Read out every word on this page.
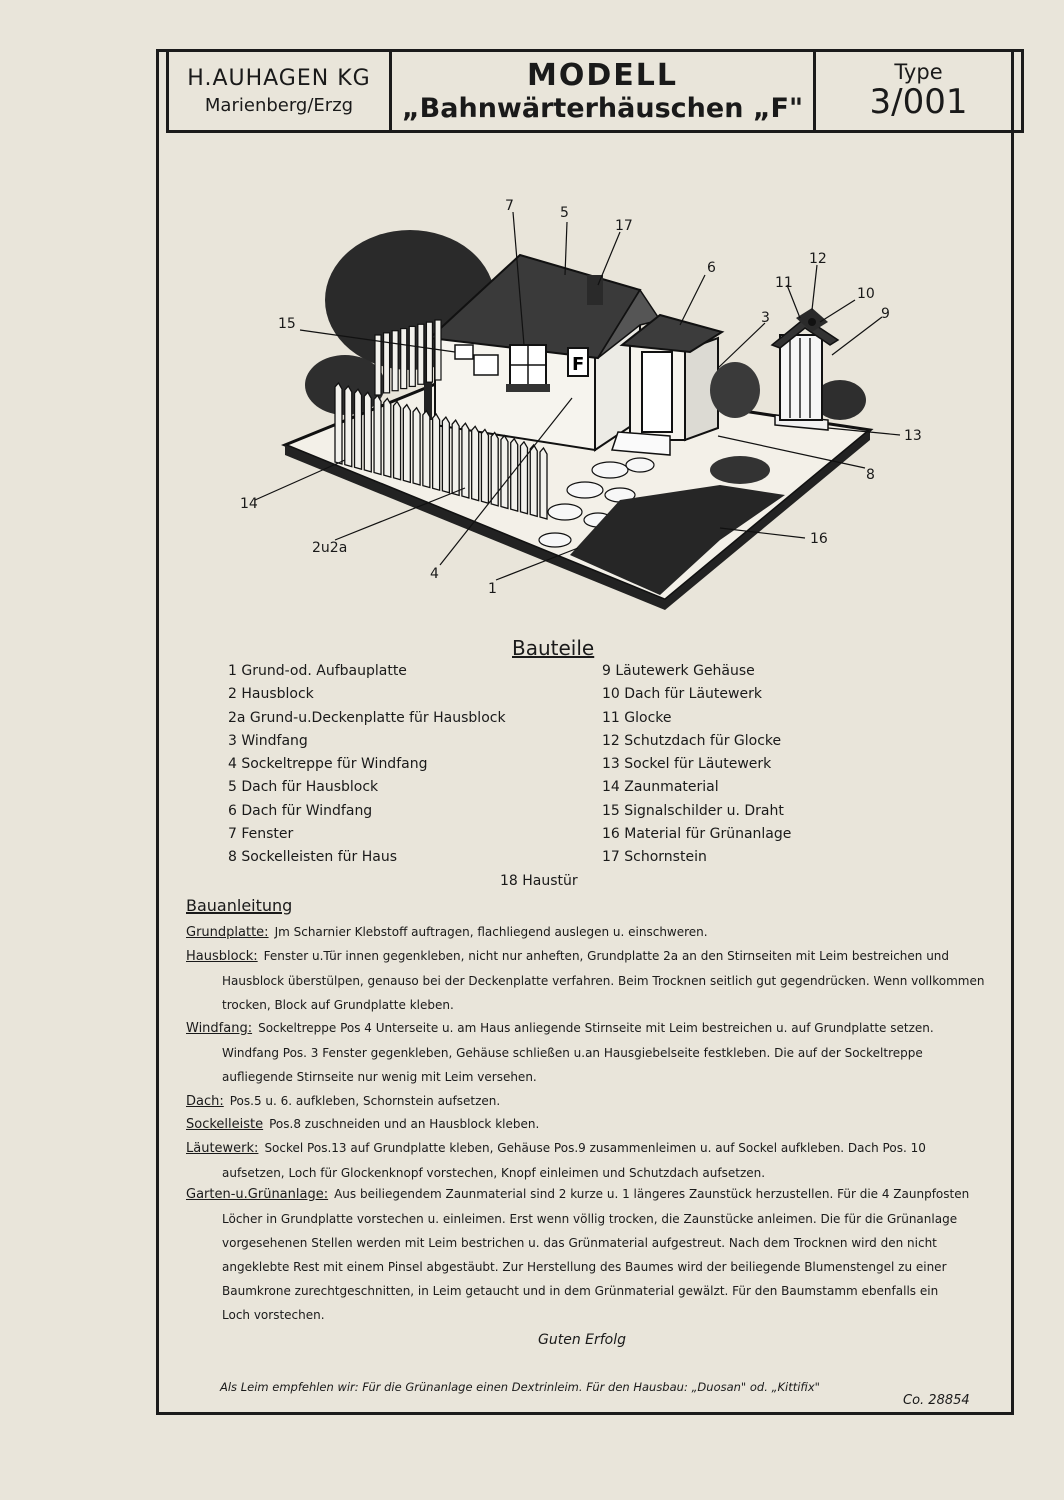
H.AUHAGEN KG
Marienberg/Erzg
MODELL
„Bahnwärterhäuschen „F"
Type
3/001
F
7	5
17
6
12
11
10
9
3
15
13
8
14
16
2u2a
4
1
Bauteile
1 Grund-od. Aufbauplatte
2 Hausblock
2a Grund-u.Deckenplatte für Hausblock
3 Windfang
4 Sockeltreppe für Windfang
5 Dach für Hausblock
6 Dach für Windfang
7 Fenster
8 Sockelleisten für Haus
9 Läutewerk Gehäuse
10 Dach für Läutewerk
11 Glocke
12 Schutzdach für Glocke
13 Sockel für Läutewerk
14 Zaunmaterial
15 Signalschilder u. Draht
16 Material für Grünanlage
17 Schornstein
18 Haustür
Bauanleitung
Grundplatte: Jm Scharnier Klebstoff auftragen, flachliegend auslegen u. einschweren.
Hausblock: Fenster u.Tür innen gegenkleben, nicht nur anheften, Grundplatte 2a an den Stirnseiten mit Leim bestreichen und
Hausblock überstülpen, genauso bei der Deckenplatte verfahren. Beim Trocknen seitlich gut gegendrücken. Wenn vollkommen
trocken, Block auf Grundplatte kleben.
Windfang: Sockeltreppe Pos 4 Unterseite u. am Haus anliegende Stirnseite mit Leim bestreichen u. auf Grundplatte setzen.
Windfang Pos. 3 Fenster gegenkleben, Gehäuse schließen u.an Hausgiebelseite festkleben. Die auf der Sockeltreppe
aufliegende Stirnseite nur wenig mit Leim versehen.
Dach: Pos.5 u. 6. aufkleben, Schornstein aufsetzen.
Sockelleiste Pos.8 zuschneiden und an Hausblock kleben.
Läutewerk: Sockel Pos.13 auf Grundplatte kleben, Gehäuse Pos.9 zusammenleimen u. auf Sockel aufkleben. Dach Pos. 10
aufsetzen, Loch für Glockenknopf vorstechen, Knopf einleimen und Schutzdach aufsetzen.
Garten-u.Grünanlage: Aus beiliegendem Zaunmaterial sind 2 kurze u. 1 längeres Zaunstück herzustellen. Für die 4 Zaunpfosten
Löcher in Grundplatte vorstechen u. einleimen. Erst wenn völlig trocken, die Zaunstücke anleimen. Die für die Grünanlage
vorgesehenen Stellen werden mit Leim bestrichen u. das Grünmaterial aufgestreut. Nach dem Trocknen wird den nicht
angeklebte Rest mit einem Pinsel abgestäubt. Zur Herstellung des Baumes wird der beiliegende Blumenstengel zu einer
Baumkrone zurechtgeschnitten, in Leim getaucht und in dem Grünmaterial gewälzt. Für den Baumstamm ebenfalls ein
Loch vorstechen.
Guten Erfolg
Als Leim empfehlen wir: Für die Grünanlage einen Dextrinleim. Für den Hausbau: „Duosan" od. „Kittifix"
Co. 28854
